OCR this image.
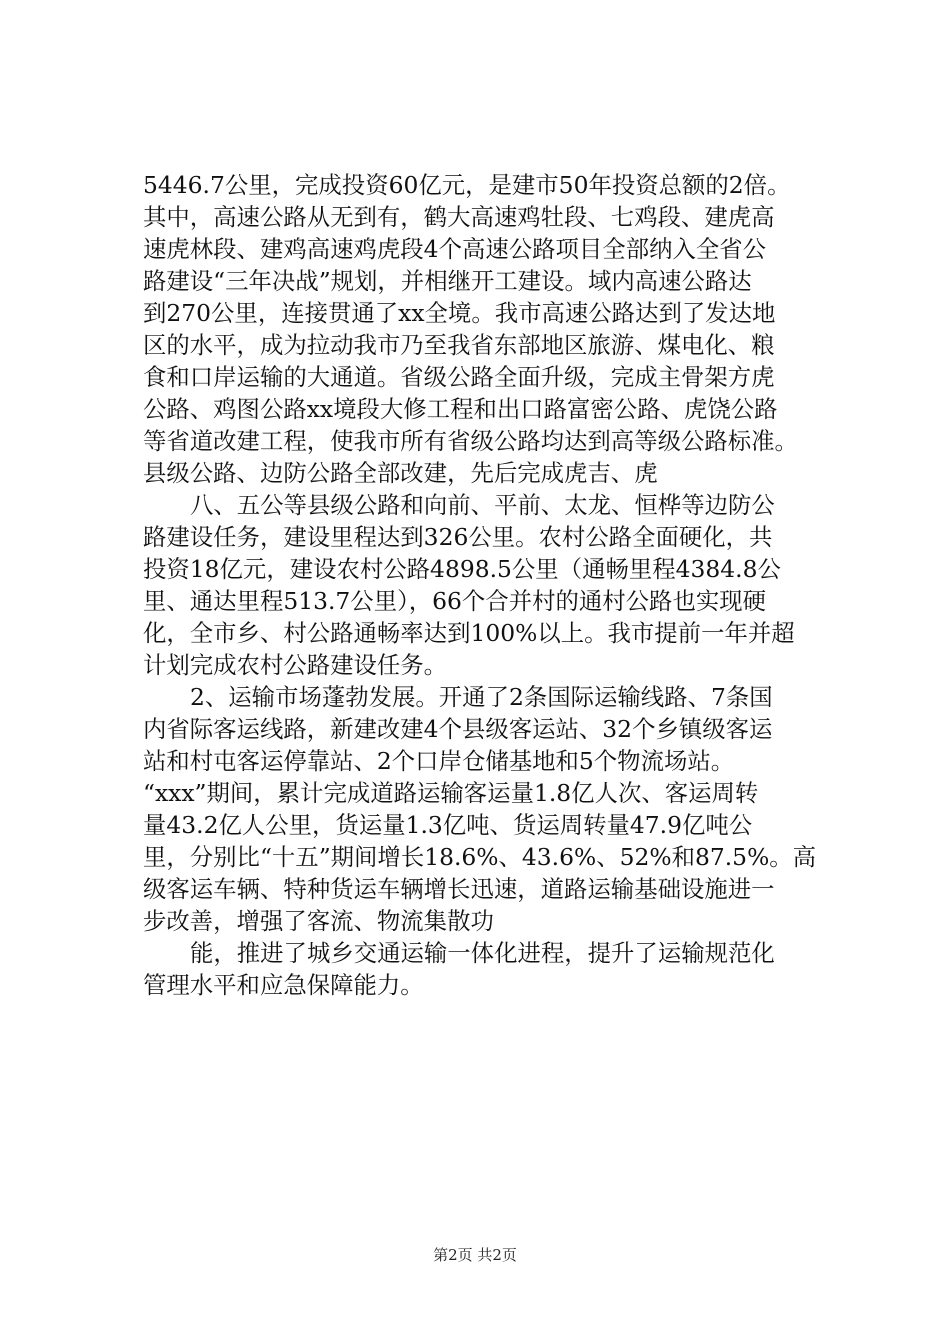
5446.7公里，完成投资60亿元，是建市50年投资总额的2倍。
其中，高速公路从无到有，鹤大高速鸡牡段、七鸡段、建虎高
速虎林段、建鸡高速鸡虎段4个高速公路项目全部纳入全省公
路建设“三年决战”规划，并相继开工建设。域内高速公路达
到270公里，连接贯通了xx全境。我市高速公路达到了发达地
区的水平，成为拉动我市乃至我省东部地区旅游、煤电化、粮
食和口岸运输的大通道。省级公路全面升级，完成主骨架方虎
公路、鸡图公路xx境段大修工程和出口路富密公路、虎饶公路
等省道改建工程，使我市所有省级公路均达到高等级公路标准。
县级公路、边防公路全部改建，先后完成虎吉、虎
八、五公等县级公路和向前、平前、太龙、恒桦等边防公
路建设任务，建设里程达到326公里。农村公路全面硬化，共
投资18亿元，建设农村公路4898.5公里（通畅里程4384.8公
里、通达里程513.7公里），66个合并村的通村公路也实现硬
化，全市乡、村公路通畅率达到100%以上。我市提前一年并超
计划完成农村公路建设任务。
2、运输市场蓬勃发展。开通了2条国际运输线路、7条国
内省际客运线路，新建改建4个县级客运站、32个乡镇级客运
站和村屯客运停靠站、2个口岸仓储基地和5个物流场站。
“xxx”期间，累计完成道路运输客运量1.8亿人次、客运周转
量43.2亿人公里，货运量1.3亿吨、货运周转量47.9亿吨公
里，分别比“十五”期间增长18.6%、43.6%、52%和87.5%。高
级客运车辆、特种货运车辆增长迅速，道路运输基础设施进一
步改善，增强了客流、物流集散功
能，推进了城乡交通运输一体化进程，提升了运输规范化
管理水平和应急保障能力。
第2页 共2页
